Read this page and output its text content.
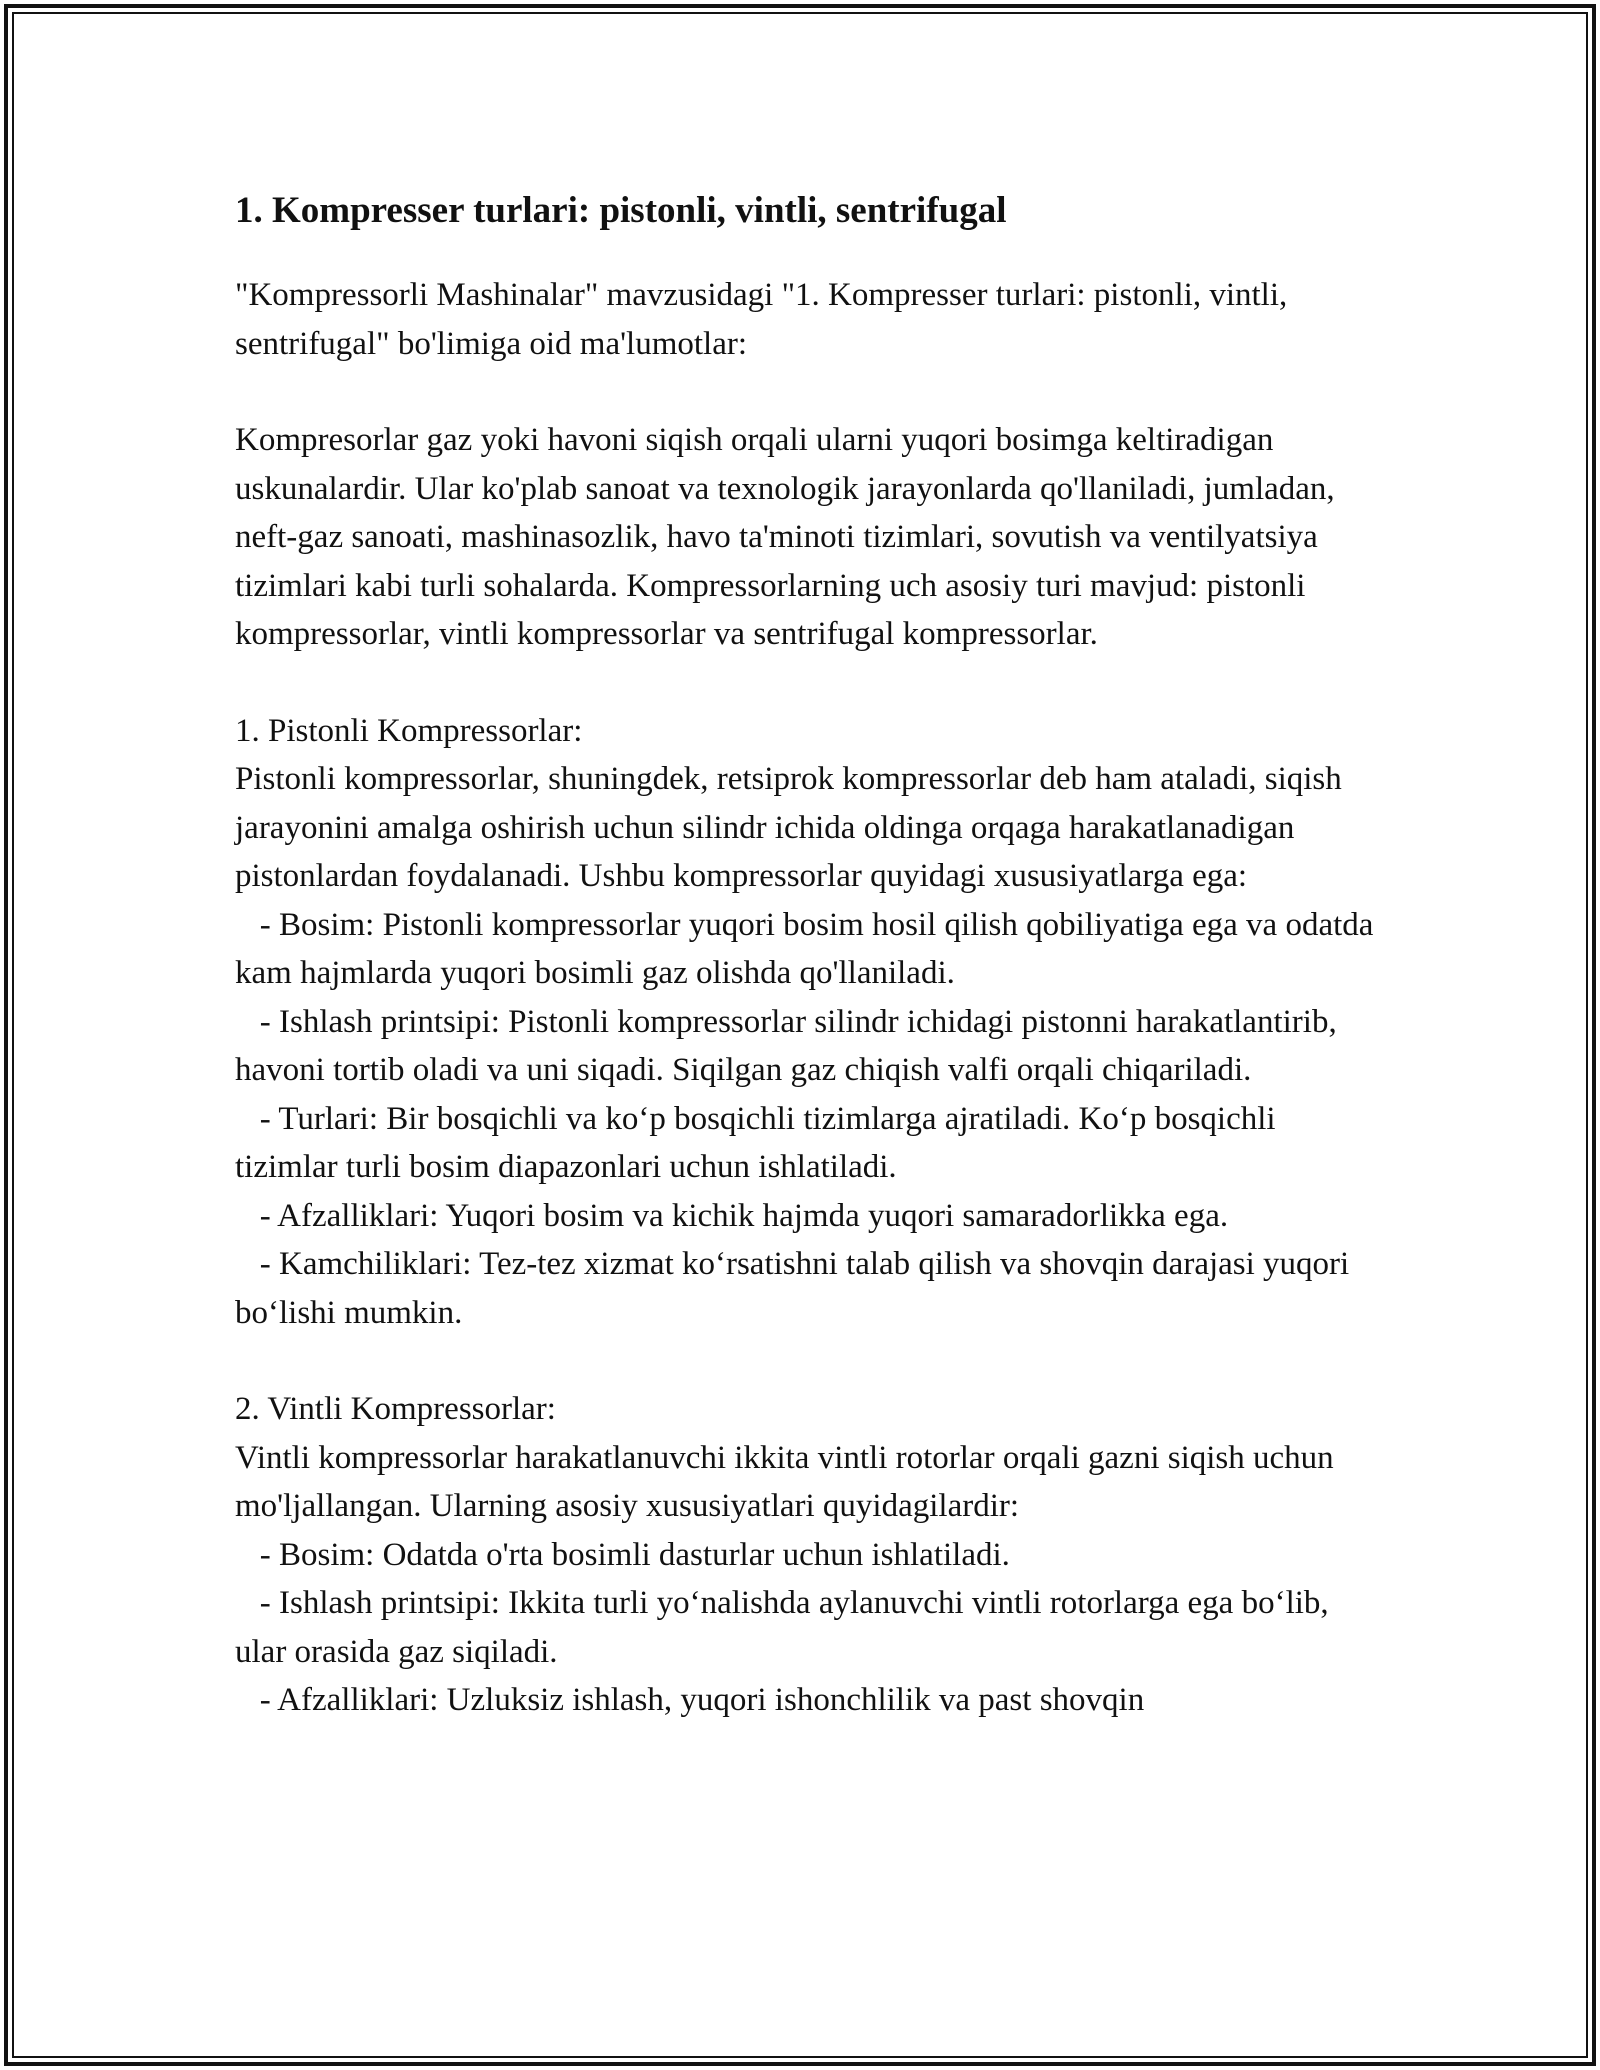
1. Kompresser turlari: pistonli, vintli, sentrifugal

"Kompressorli Mashinalar" mavzusidagi "1. Kompresser turlari: pistonli, vintli, sentrifugal" bo'limiga oid ma'lumotlar:

Kompresorlar gaz yoki havoni siqish orqali ularni yuqori bosimga keltiradigan uskunalardir. Ular ko'plab sanoat va texnologik jarayonlarda qo'llaniladi, jumladan, neft-gaz sanoati, mashinasozlik, havo ta'minoti tizimlari, sovutish va ventilyatsiya tizimlari kabi turli sohalarda. Kompressorlarning uch asosiy turi mavjud: pistonli kompressorlar, vintli kompressorlar va sentrifugal kompressorlar.

1. Pistonli Kompressorlar:

Pistonli kompressorlar, shuningdek, retsiprok kompressorlar deb ham ataladi, siqish jarayonini amalga oshirish uchun silindr ichida oldinga orqaga harakatlanadigan pistonlardan foydalanadi. Ushbu kompressorlar quyidagi xususiyatlarga ega:

- Bosim: Pistonli kompressorlar yuqori bosim hosil qilish qobiliyatiga ega va odatda kam hajmlarda yuqori bosimli gaz olishda qo'llaniladi.

- Ishlash printsipi: Pistonli kompressorlar silindr ichidagi pistonni harakatlantirib, havoni tortib oladi va uni siqadi. Siqilgan gaz chiqish valfi orqali chiqariladi.

- Turlari: Bir bosqichli va ko‘p bosqichli tizimlarga ajratiladi. Ko‘p bosqichli tizimlar turli bosim diapazonlari uchun ishlatiladi.

- Afzalliklari: Yuqori bosim va kichik hajmda yuqori samaradorlikka ega.

- Kamchiliklari: Tez-tez xizmat ko‘rsatishni talab qilish va shovqin darajasi yuqori bo‘lishi mumkin.

2. Vintli Kompressorlar:

Vintli kompressorlar harakatlanuvchi ikkita vintli rotorlar orqali gazni siqish uchun mo'ljallangan. Ularning asosiy xususiyatlari quyidagilardir:

- Bosim: Odatda o'rta bosimli dasturlar uchun ishlatiladi.

- Ishlash printsipi: Ikkita turli yo‘nalishda aylanuvchi vintli rotorlarga ega bo‘lib, ular orasida gaz siqiladi.

- Afzalliklari: Uzluksiz ishlash, yuqori ishonchlilik va past shovqin
